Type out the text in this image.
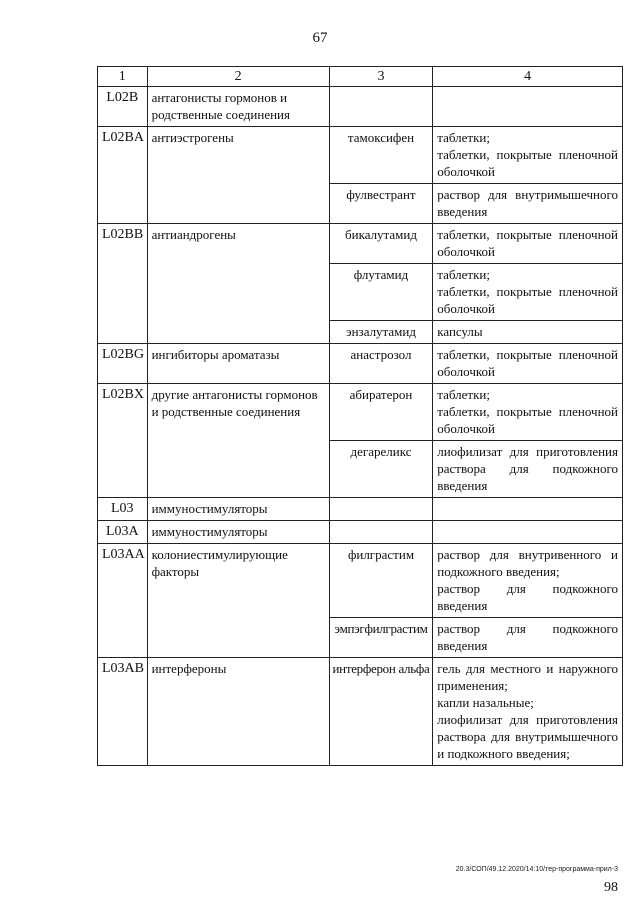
67
1	2	3	4
L02B	антагонисты гормонов и родственные соединения		
L02BA	антиэстрогены	тамоксифен	таблетки;
таблетки, покрытые пленочной оболочкой

		фулвестрант	раствор для внутримышечного введения

L02BB	антиандрогены	бикалутамид	таблетки, покрытые пленочной оболочкой

		флутамид	таблетки;
таблетки, покрытые пленочной оболочкой

		энзалутамид	капсулы

L02BG	ингибиторы ароматазы	анастрозол	таблетки, покрытые пленочной оболочкой

L02BX	другие антагонисты гормонов и родственные соединения	абиратерон	таблетки;
таблетки, покрытые пленочной оболочкой

		дегареликс	лиофилизат для приготовления раствора для подкожного введения

L03	иммуностимуляторы		
L03A	иммуностимуляторы		
L03AA	колониестимулирующие факторы	филграстим	раствор для внутривенного и подкожного введения;
раствор для подкожного введения

		эмпэгфилграстим	раствор для подкожного введения

L03AB	интерфероны	интерферон альфа	гель для местного и наружного применения;
капли назальные;
лиофилизат для приготовления раствора для внутримышечного и подкожного введения;
20.3/СОП/49.12.2020/14:10/тер-программа-прил-3
98
